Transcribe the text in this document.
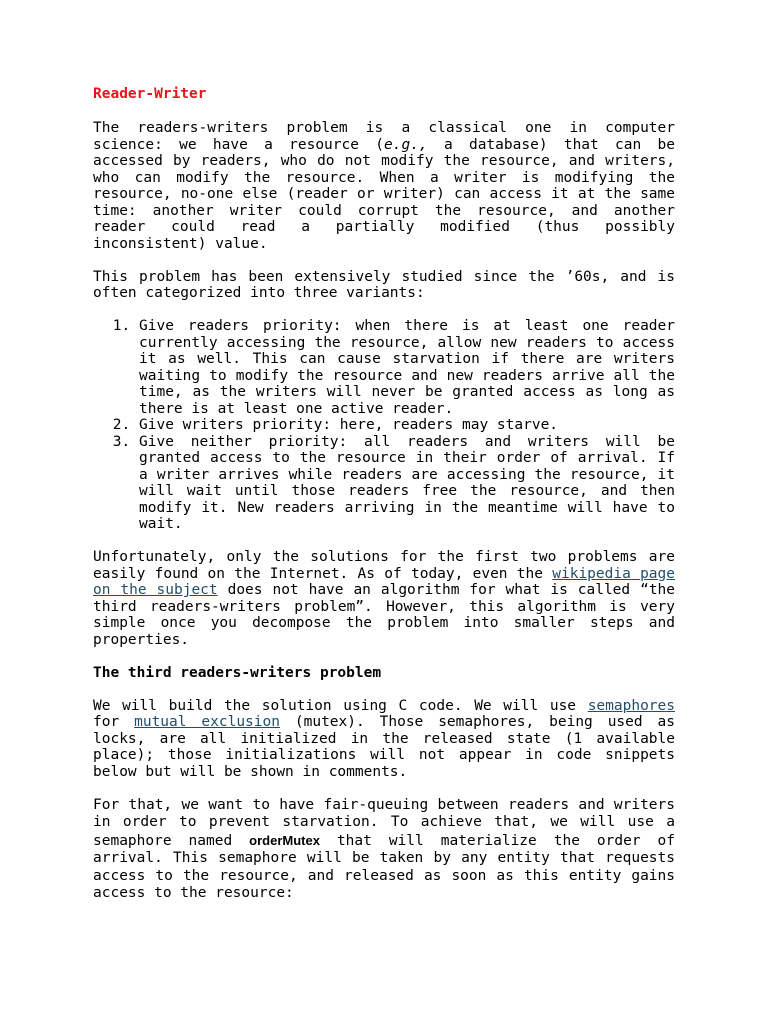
Reader-Writer

The readers-writers problem is a classical one in computer science: we have a resource (e.g., a database) that can be accessed by readers, who do not modify the resource, and writers, who can modify the resource. When a writer is modifying the resource, no-one else (reader or writer) can access it at the same time: another writer could corrupt the resource, and another reader could read a partially modified (thus possibly inconsistent) value.

This problem has been extensively studied since the ’60s, and is often categorized into three variants:

1. Give readers priority: when there is at least one reader currently accessing the resource, allow new readers to access it as well. This can cause starvation if there are writers waiting to modify the resource and new readers arrive all the time, as the writers will never be granted access as long as there is at least one active reader.
2. Give writers priority: here, readers may starve.
3. Give neither priority: all readers and writers will be granted access to the resource in their order of arrival. If a writer arrives while readers are accessing the resource, it will wait until those readers free the resource, and then modify it. New readers arriving in the meantime will have to wait.

Unfortunately, only the solutions for the first two problems are easily found on the Internet. As of today, even the wikipedia page on the subject does not have an algorithm for what is called “the third readers-writers problem”. However, this algorithm is very simple once you decompose the problem into smaller steps and properties.

The third readers-writers problem

We will build the solution using C code. We will use semaphores for mutual exclusion (mutex). Those semaphores, being used as locks, are all initialized in the released state (1 available place); those initializations will not appear in code snippets below but will be shown in comments.

For that, we want to have fair-queuing between readers and writers in order to prevent starvation. To achieve that, we will use a semaphore named orderMutex that will materialize the order of arrival. This semaphore will be taken by any entity that requests access to the resource, and released as soon as this entity gains access to the resource:
